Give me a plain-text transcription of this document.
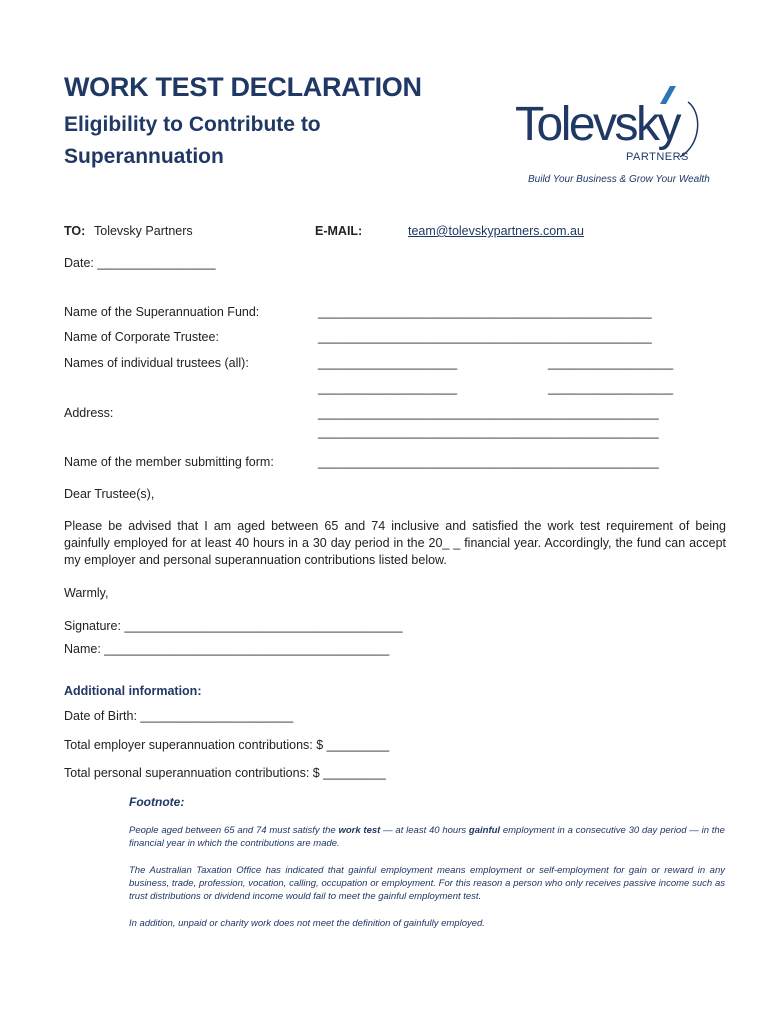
WORK TEST DECLARATION
Eligibility to Contribute to
Superannuation
Tolevsky
PARTNERS
Build Your Business & Grow Your Wealth
TO: Tolevsky Partners	E-MAIL:	team@tolevskypartners.com.au
Date: _________________
Name of the Superannuation Fund:	________________________________________________
Name of Corporate Trustee:	________________________________________________
Names of individual trustees (all):	____________________	__________________
____________________	__________________
Address:	_________________________________________________
_________________________________________________
Name of the member submitting form:	_________________________________________________
Dear Trustee(s),
Please be advised that I am aged between 65 and 74 inclusive and satisfied the work test requirement of being gainfully employed for at least 40 hours in a 30 day period in the 20_ _ financial year. Accordingly, the fund can accept my employer and personal superannuation contributions listed below.
Warmly,
Signature: ________________________________________
Name: _________________________________________
Additional information:
Date of Birth: ______________________
Total employer superannuation contributions: $ _________
Total personal superannuation contributions: $ _________
Footnote:
People aged between 65 and 74 must satisfy the work test — at least 40 hours gainful employment in a consecutive 30 day period — in the financial year in which the contributions are made.
The Australian Taxation Office has indicated that gainful employment means employment or self-employment for gain or reward in any business, trade, profession, vocation, calling, occupation or employment. For this reason a person who only receives passive income such as trust distributions or dividend income would fail to meet the gainful employment test.
In addition, unpaid or charity work does not meet the definition of gainfully employed.
